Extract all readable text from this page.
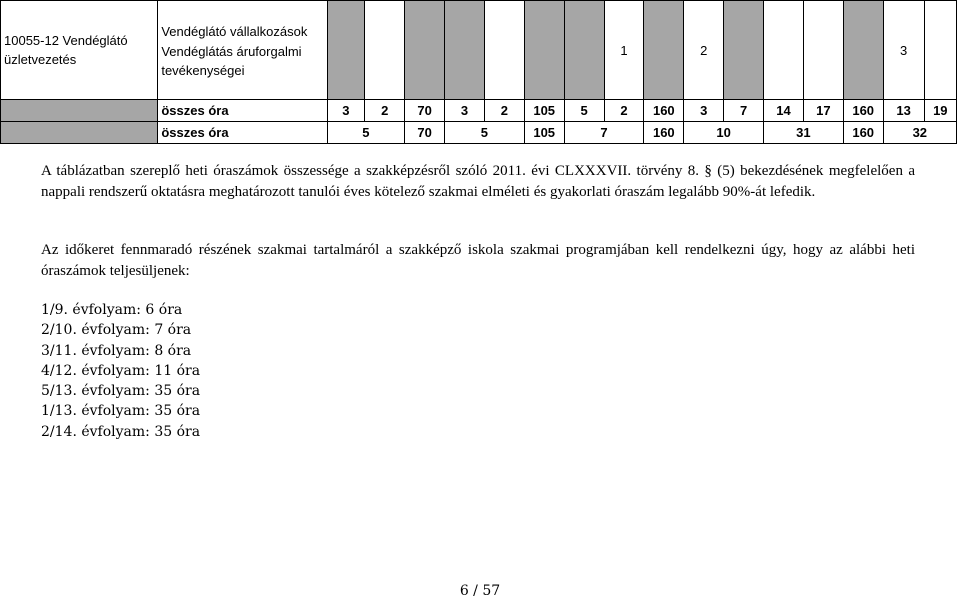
10055-12 Vendéglátó üzletvezetés	Vendéglátó vállalkozások
Vendéglátás áruforgalmi tevékenységei								1		2					3	
	összes óra	3	2	70	3	2	105	5	2	160	3	7	14	17	160	13	19
	összes óra	5		70	5		105	7		160	10		31		160	32	
A táblázatban szereplő heti óraszámok összessége a szakképzésről szóló 2011. évi CLXXXVII. törvény 8. § (5) bekezdésének megfelelően a nappali rendszerű oktatásra meghatározott tanulói éves kötelező szakmai elméleti és gyakorlati óraszám legalább 90%-át lefedik.
Az időkeret fennmaradó részének szakmai tartalmáról a szakképző iskola szakmai programjában kell rendelkezni úgy, hogy az alábbi heti óraszámok teljesüljenek:
1/9. évfolyam: 6 óra
2/10. évfolyam: 7 óra
3/11. évfolyam: 8 óra
4/12. évfolyam: 11 óra
5/13. évfolyam: 35 óra
1/13. évfolyam: 35 óra
2/14. évfolyam: 35 óra
6 / 57
